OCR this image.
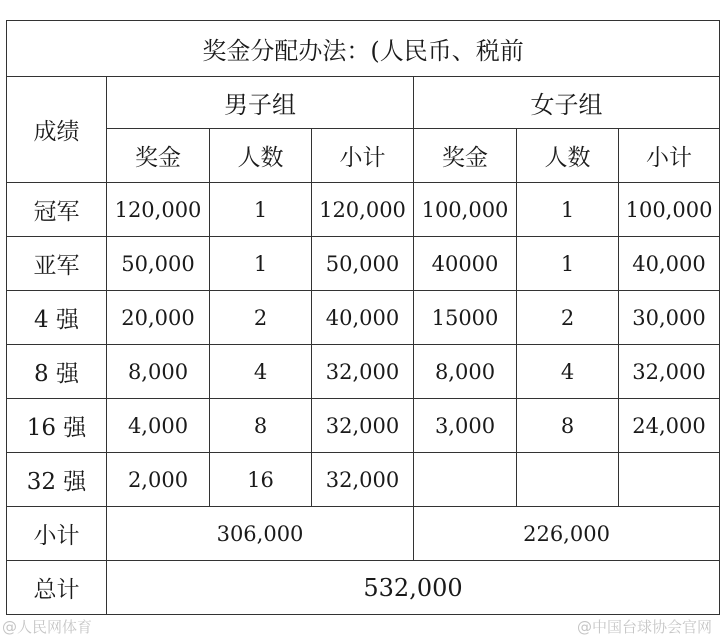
奖金分配办法：(人民币、税前						
成绩	男子组			女子组		
	奖金	人数	小计	奖金	人数	小计
冠军	120,000	1	120,000	100,000	1	100,000
亚军	50,000	1	50,000	40000	1	40,000
4 强	20,000	2	40,000	15000	2	30,000
8 强	8,000	4	32,000	8,000	4	32,000
16 强	4,000	8	32,000	3,000	8	24,000
32 强	2,000	16	32,000			
小计	306,000			226,000		
总计	532,000					
@人民网体育	@中国台球协会官网
